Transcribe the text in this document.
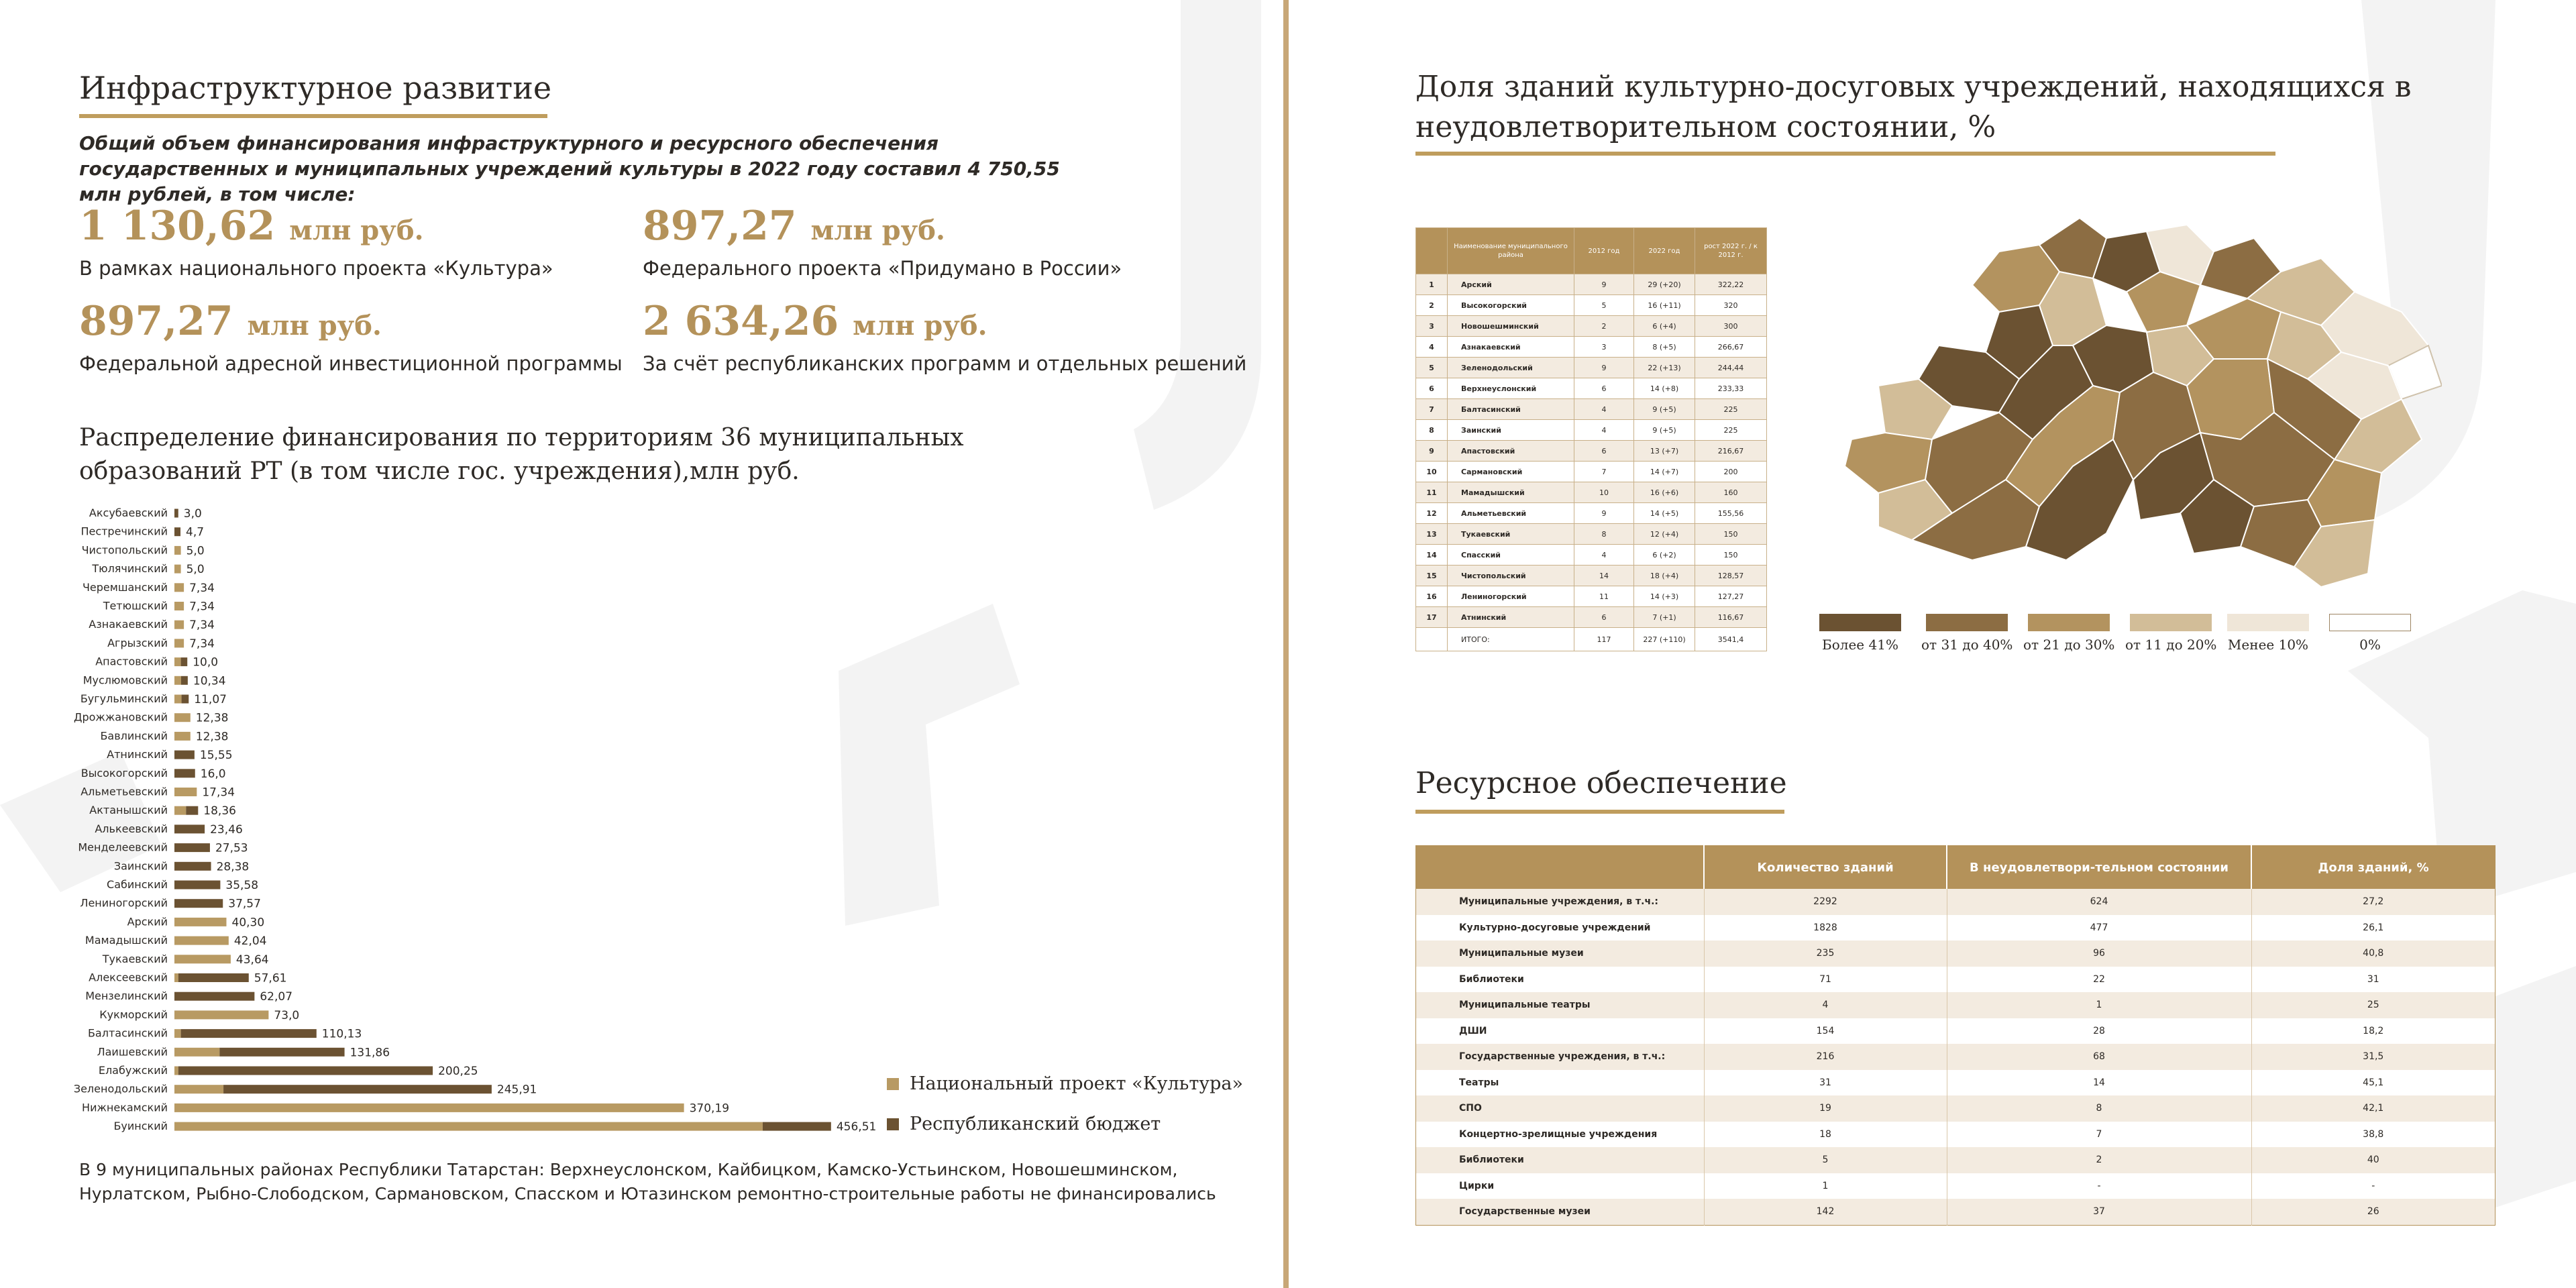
Инфраструктурное развитие
Общий объем финансирования инфраструктурного и ресурсного обеспечения государственных и муниципальных учреждений культуры в 2022 году составил 4 750,55 млн рублей, в том числе:
1 130,62 млн руб.
В рамках национального проекта «Культура»
897,27 млн руб.
Федерального проекта «Придумано в России»
897,27 млн руб.
Федеральной адресной инвестиционной программы
2 634,26 млн руб.
За счёт республиканских программ и отдельных решений
Распределение финансирования по территориям 36 муниципальных образований РТ (в том числе гос. учреждения),млн руб.
Аксубаевский 3,0
Пестречинский 4,7
Чистопольский 5,0
Тюлячинский 5,0
Черемшанский 7,34
Тетюшский 7,34
Азнакаевский 7,34
Агрызский 7,34
Апастовский 10,0
Муслюмовский 10,34
Бугульминский 11,07
Дрожжановский 12,38
Бавлинский 12,38
Атнинский	15,55
Высокогорский	16,0
Альметьевский	17,34
Актанышский	18,36
Алькеевский	23,46
Менделеевский	27,53
Заинский	28,38
Сабинский	35,58
Лениногорский	37,57
Арский	40,30
Мамадышский	42,04
Тукаевский	43,64
Алексеевский	57,61
Мензелинский	62,07
Кукморский	73,0
Балтасинский	110,13
Лаишевский	131,86
Елабужский	200,25
Зеленодольский	245,91
Нижнекамский	370,19
Буинский	456,51
Национальный проект «Культура»
Республиканский бюджет
В 9 муниципальных районах Республики Татарстан: Верхнеуслонском, Кайбицком, Камско-Устьинском, Новошешминском, Нурлатском, Рыбно-Слободском, Сармановском, Спасском и Ютазинском ремонтно-строительные работы не финансировались
Доля зданий культурно-досуговых учреждений, находящихся в неудовлетворительном состоянии, %
	Наименование муниципального района	2012 год	2022 год	рост 2022 г. / к 2012 г.
1	Арский	9	29 (+20)	322,22
2	Высокогорский	5	16 (+11)	320
3	Новошешминский	2	6 (+4)	300
4	Азнакаевский	3	8 (+5)	266,67
5	Зеленодольский	9	22 (+13)	244,44
6	Верхнеуслонский	6	14 (+8)	233,33
7	Балтасинский	4	9 (+5)	225
8	Заинский	4	9 (+5)	225
9	Апастовский	6	13 (+7)	216,67
10	Сармановский	7	14 (+7)	200
11	Мамадышский	10	16 (+6)	160
12	Альметьевский	9	14 (+5)	155,56
13	Тукаевский	8	12 (+4)	150
14	Спасский	4	6 (+2)	150
15	Чистопольский	14	18 (+4)	128,57
16	Лениногорский	11	14 (+3)	127,27
17	Атнинский	6	7 (+1)	116,67
	ИТОГО:	117	227 (+110)	3541,4	Более 41% от 31 до 40% от 21 до 30% от 11 до 20% Менее 10%	0%
Ресурсное обеспечение
	Количество зданий	В неудовлетвори-тельном состоянии	Доля зданий, %
Муниципальные учреждения, в т.ч.:	2292	624	27,2
Культурно-досуговые учреждений	1828	477	26,1
Муниципальные музеи	235	96	40,8
Библиотеки	71	22	31
Муниципальные театры	4	1	25
ДШИ	154	28	18,2
Государственные учреждения, в т.ч.:	216	68	31,5
Театры	31	14	45,1
СПО	19	8	42,1
Концертно-зрелищные учреждения	18	7	38,8
Библиотеки	5	2	40
Цирки	1	-	-
Государственные музеи	142	37	26
